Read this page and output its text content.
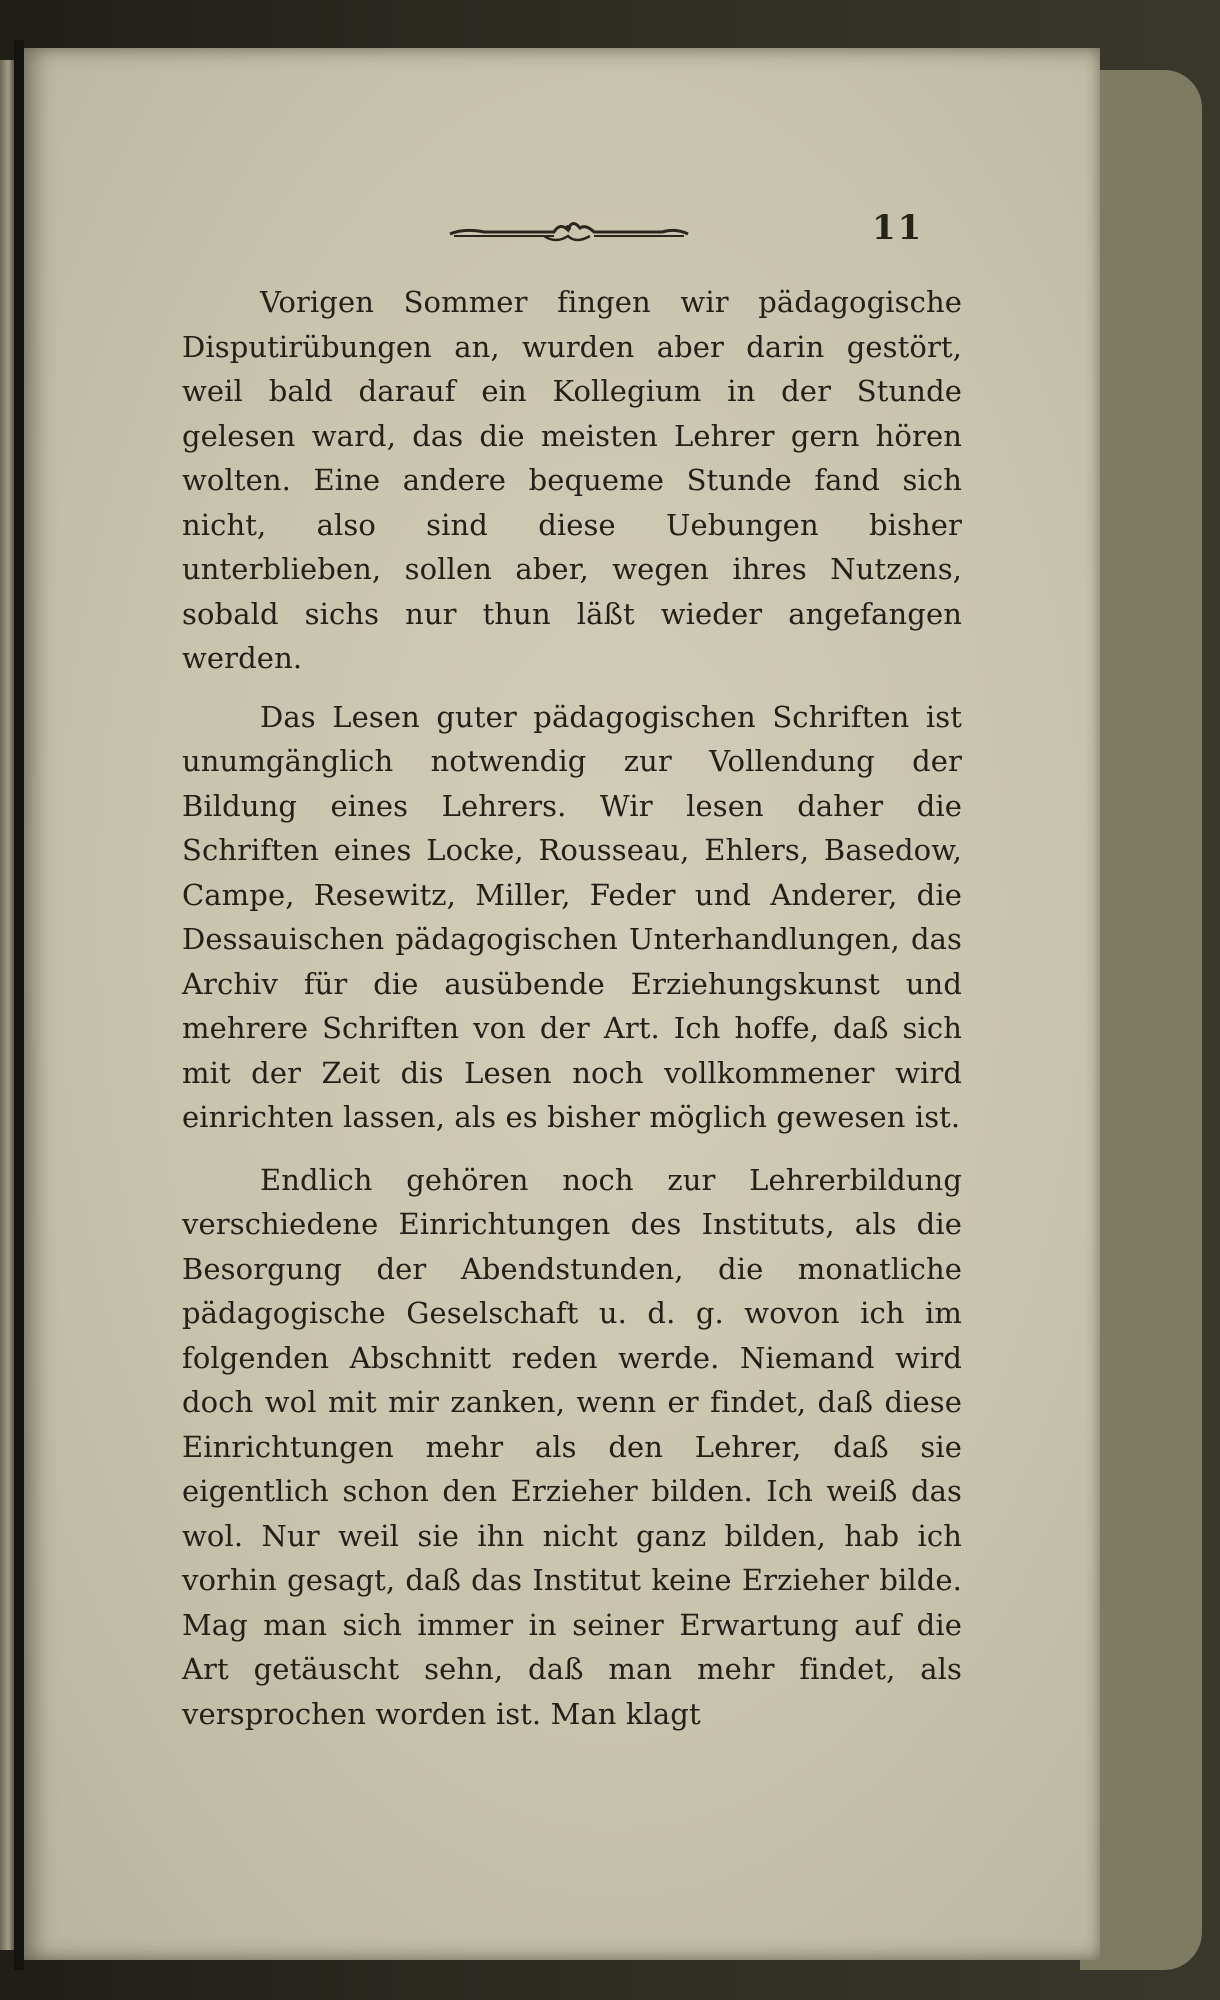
11

Vorigen Sommer fingen wir pädagogische Disputirübungen an, wurden aber darin gestört, weil bald darauf ein Kollegium in der Stunde gelesen ward, das die meisten Lehrer gern hören wolten. Eine andere bequeme Stunde fand sich nicht, also sind diese Uebungen bisher unterblieben, sollen aber, wegen ihres Nutzens, sobald sichs nur thun läßt wieder angefangen werden.

Das Lesen guter pädagogischen Schriften ist unumgänglich notwendig zur Vollendung der Bildung eines Lehrers. Wir lesen daher die Schriften eines Locke, Rousseau, Ehlers, Basedow, Campe, Resewitz, Miller, Feder und Anderer, die Dessauischen pädagogischen Unterhandlungen, das Archiv für die ausübende Erziehungskunst und mehrere Schriften von der Art. Ich hoffe, daß sich mit der Zeit dis Lesen noch vollkommener wird einrichten lassen, als es bisher möglich gewesen ist.

Endlich gehören noch zur Lehrerbildung verschiedene Einrichtungen des Instituts, als die Besorgung der Abendstunden, die monatliche pädagogische Geselschaft u. d. g. wovon ich im folgenden Abschnitt reden werde. Niemand wird doch wol mit mir zanken, wenn er findet, daß diese Einrichtungen mehr als den Lehrer, daß sie eigentlich schon den Erzieher bilden. Ich weiß das wol. Nur weil sie ihn nicht ganz bilden, hab ich vorhin gesagt, daß das Institut keine Erzieher bilde. Mag man sich immer in seiner Erwartung auf die Art getäuscht sehn, daß man mehr findet, als versprochen worden ist. Man klagt
